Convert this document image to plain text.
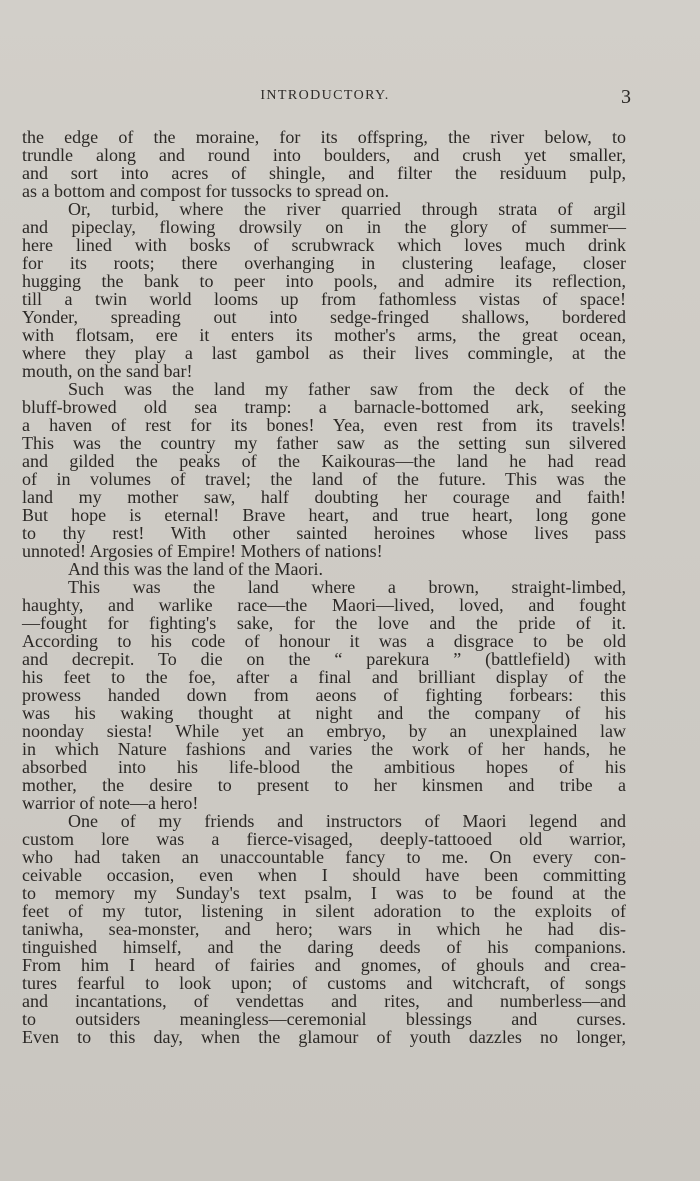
INTRODUCTORY.	3
the edge of the moraine, for its offspring, the river below, to
trundle along and round into boulders, and crush yet smaller,
and sort into acres of shingle, and filter the residuum pulp,
as a bottom and compost for tussocks to spread on.
Or, turbid, where the river quarried through strata of argil
and pipeclay, flowing drowsily on in the glory of summer—
here lined with bosks of scrubwrack which loves much drink
for its roots; there overhanging in clustering leafage, closer
hugging the bank to peer into pools, and admire its reflection,
till a twin world looms up from fathomless vistas of space!
Yonder, spreading out into sedge-fringed shallows, bordered
with flotsam, ere it enters its mother's arms, the great ocean,
where they play a last gambol as their lives commingle, at the
mouth, on the sand bar!
Such was the land my father saw from the deck of the
bluff-browed old sea tramp: a barnacle-bottomed ark, seeking
a haven of rest for its bones! Yea, even rest from its travels!
This was the country my father saw as the setting sun silvered
and gilded the peaks of the Kaikouras—the land he had read
of in volumes of travel; the land of the future. This was the
land my mother saw, half doubting her courage and faith!
But hope is eternal! Brave heart, and true heart, long gone
to thy rest! With other sainted heroines whose lives pass
unnoted! Argosies of Empire! Mothers of nations!
And this was the land of the Maori.
This was the land where a brown, straight-limbed,
haughty, and warlike race—the Maori—lived, loved, and fought
—fought for fighting's sake, for the love and the pride of it.
According to his code of honour it was a disgrace to be old
and decrepit. To die on the “ parekura ” (battlefield) with
his feet to the foe, after a final and brilliant display of the
prowess handed down from aeons of fighting forbears: this
was his waking thought at night and the company of his
noonday siesta! While yet an embryo, by an unexplained law
in which Nature fashions and varies the work of her hands, he
absorbed into his life-blood the ambitious hopes of his
mother, the desire to present to her kinsmen and tribe a
warrior of note—a hero!
One of my friends and instructors of Maori legend and
custom lore was a fierce-visaged, deeply-tattooed old warrior,
who had taken an unaccountable fancy to me. On every con-
ceivable occasion, even when I should have been committing
to memory my Sunday's text psalm, I was to be found at the
feet of my tutor, listening in silent adoration to the exploits of
taniwha, sea-monster, and hero; wars in which he had dis-
tinguished himself, and the daring deeds of his companions.
From him I heard of fairies and gnomes, of ghouls and crea-
tures fearful to look upon; of customs and witchcraft, of songs
and incantations, of vendettas and rites, and numberless—and
to outsiders meaningless—ceremonial blessings and curses.
Even to this day, when the glamour of youth dazzles no longer,
